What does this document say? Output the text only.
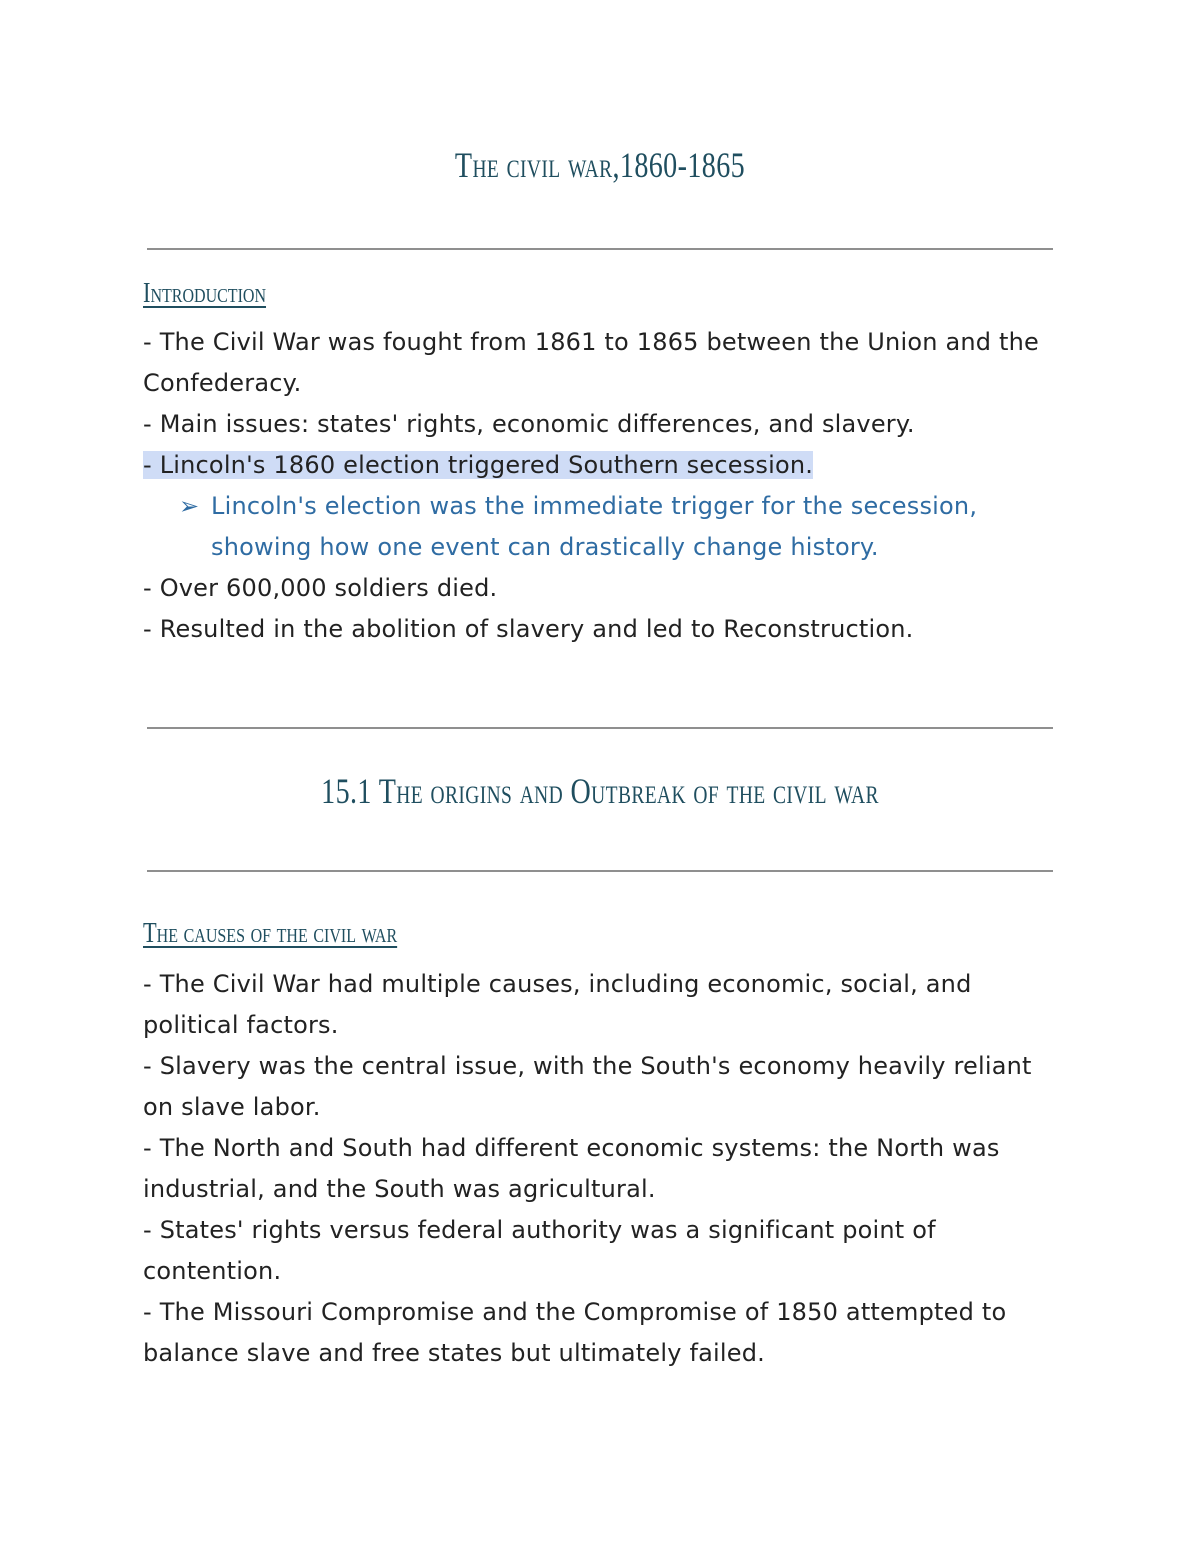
The civil war,1860-1865
Introduction

- The Civil War was fought from 1861 to 1865 between the Union and the Confederacy.

- Main issues: states' rights, economic differences, and slavery.

- Lincoln's 1860 election triggered Southern secession.

➢ Lincoln's election was the immediate trigger for the secession, showing how one event can drastically change history.

- Over 600,000 soldiers died.

- Resulted in the abolition of slavery and led to Reconstruction.

15.1 The origins and Outbreak of the civil war
The causes of the civil war

- The Civil War had multiple causes, including economic, social, and political factors.

- Slavery was the central issue, with the South's economy heavily reliant on slave labor.

- The North and South had different economic systems: the North was industrial, and the South was agricultural.

- States' rights versus federal authority was a significant point of contention.

- The Missouri Compromise and the Compromise of 1850 attempted to balance slave and free states but ultimately failed.
